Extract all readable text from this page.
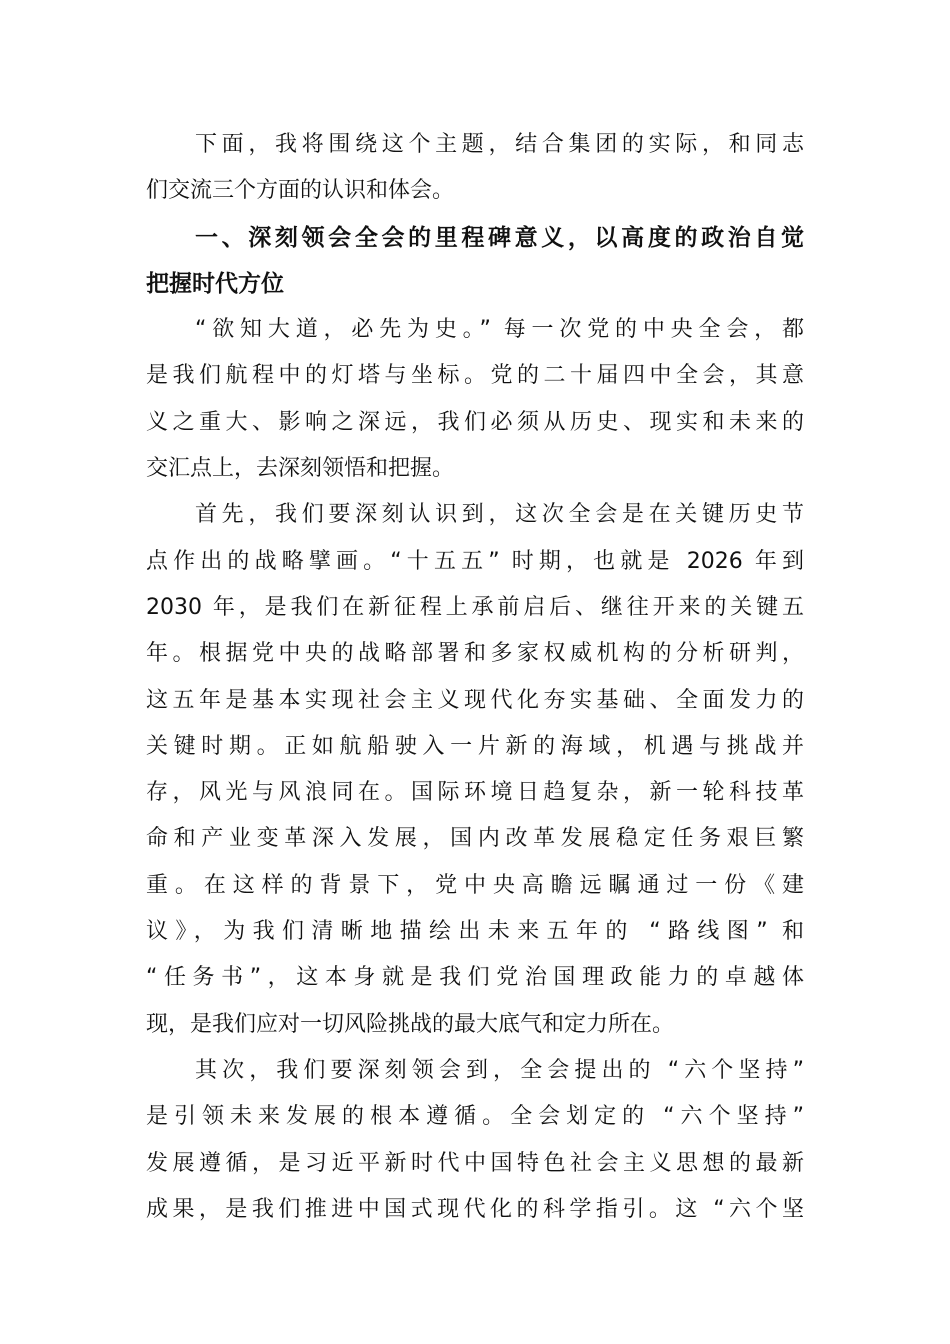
下面，我将围绕这个主题，结合集团的实际，和同志
们交流三个方面的认识和体会。
一、深刻领会全会的里程碑意义，以高度的政治自觉
把握时代方位
“欲知大道，必先为史。” 每一次党的中央全会，都
是我们航程中的灯塔与坐标。党的二十届四中全会，其意
义之重大、影响之深远，我们必须从历史、现实和未来的
交汇点上，去深刻领悟和把握。
首先，我们要深刻认识到，这次全会是在关键历史节
点作出的战略擘画。“十五五” 时期，也就是 2026 年到
2030 年，是我们在新征程上承前启后、继往开来的关键五
年。根据党中央的战略部署和多家权威机构的分析研判，
这五年是基本实现社会主义现代化夯实基础、全面发力的
关键时期。正如航船驶入一片新的海域，机遇与挑战并
存，风光与风浪同在。国际环境日趋复杂，新一轮科技革
命和产业变革深入发展，国内改革发展稳定任务艰巨繁
重。在这样的背景下，党中央高瞻远瞩通过一份《建
议》，为我们清晰地描绘出未来五年的 “路线图” 和
“任务书”，这本身就是我们党治国理政能力的卓越体
现，是我们应对一切风险挑战的最大底气和定力所在。
其次，我们要深刻领会到，全会提出的 “六个坚持”
是引领未来发展的根本遵循。全会划定的 “六个坚持”
发展遵循，是习近平新时代中国特色社会主义思想的最新
成果，是我们推进中国式现代化的科学指引。这 “六个坚
